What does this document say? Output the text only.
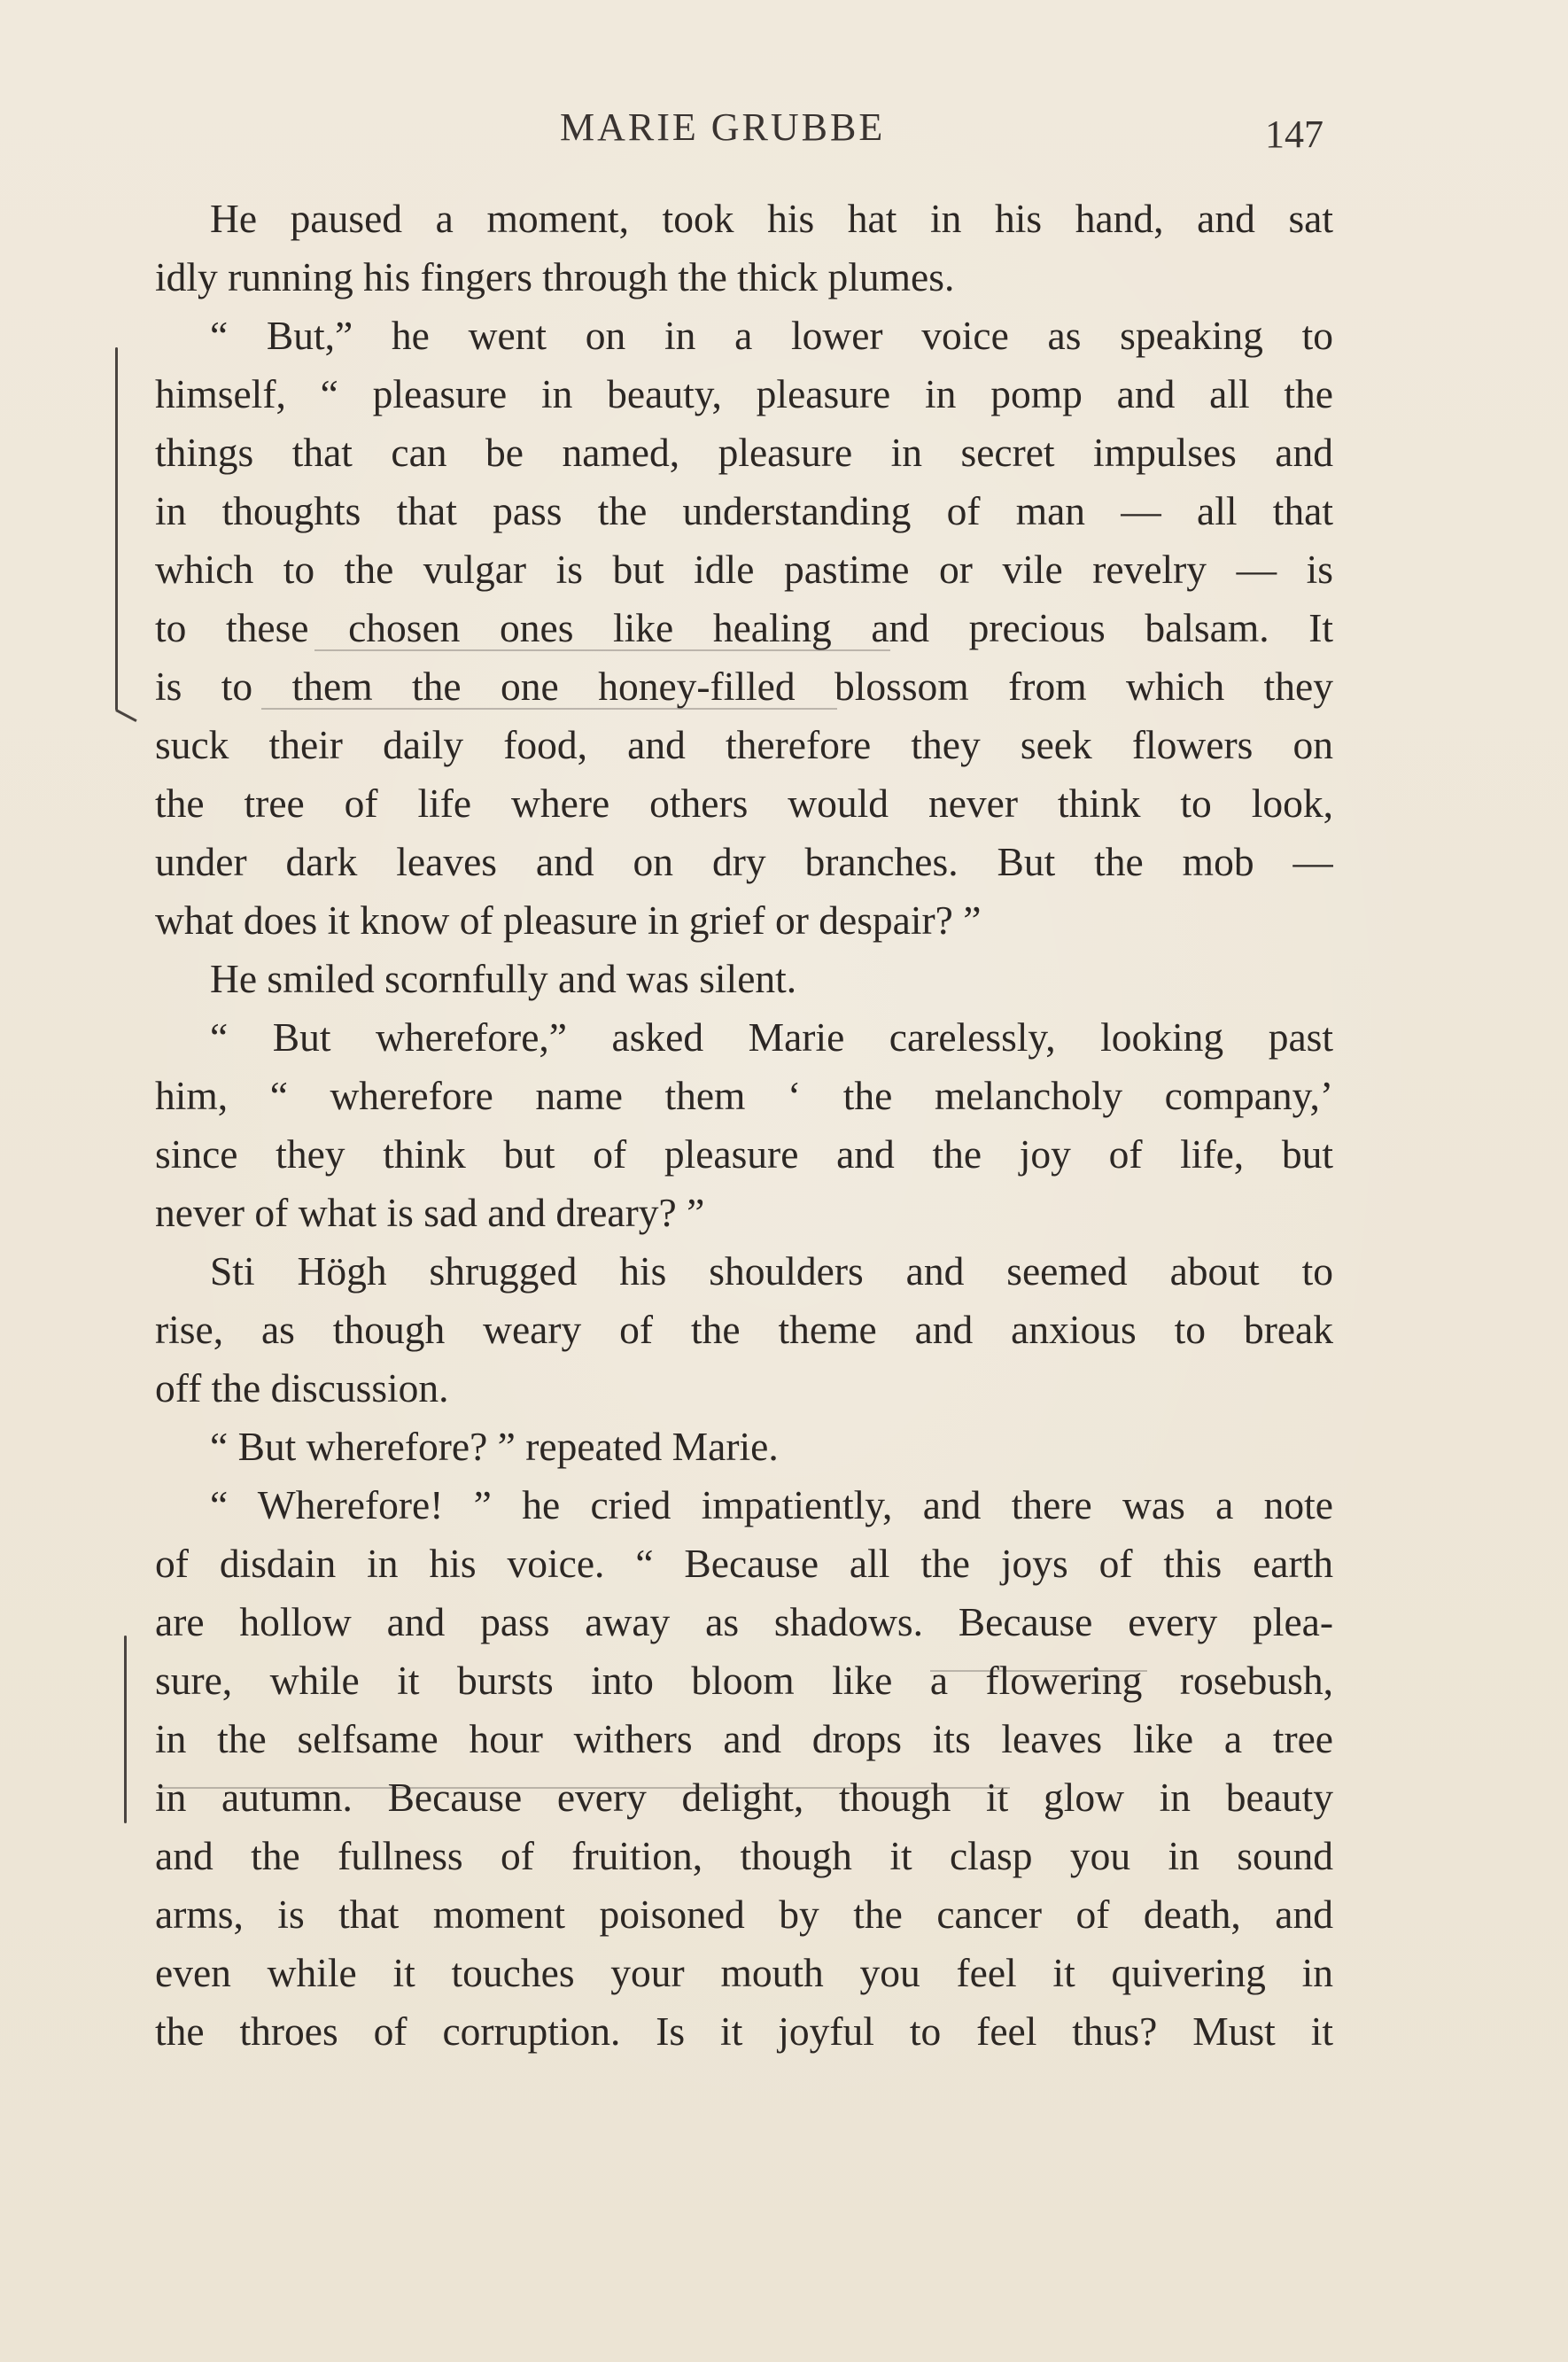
MARIE GRUBBE	147
He paused a moment, took his hat in his hand, and sat
idly running his fingers through the thick plumes.
“ But,” he went on in a lower voice as speaking to
himself, “ pleasure in beauty, pleasure in pomp and all the
things that can be named, pleasure in secret impulses and
in thoughts that pass the understanding of man — all that
which to the vulgar is but idle pastime or vile revelry — is
to these chosen ones like healing and precious balsam. It
is to them the one honey-filled blossom from which they
suck their daily food, and therefore they seek flowers on
the tree of life where others would never think to look,
under dark leaves and on dry branches. But the mob —
what does it know of pleasure in grief or despair? ”
He smiled scornfully and was silent.
“ But wherefore,” asked Marie carelessly, looking past
him, “ wherefore name them ‘ the melancholy company,’
since they think but of pleasure and the joy of life, but
never of what is sad and dreary? ”
Sti Högh shrugged his shoulders and seemed about to
rise, as though weary of the theme and anxious to break
off the discussion.
“ But wherefore? ” repeated Marie.
“ Wherefore! ” he cried impatiently, and there was a note
of disdain in his voice. “ Because all the joys of this earth
are hollow and pass away as shadows. Because every plea-
sure, while it bursts into bloom like a flowering rosebush,
in the selfsame hour withers and drops its leaves like a tree
in autumn. Because every delight, though it glow in beauty
and the fullness of fruition, though it clasp you in sound
arms, is that moment poisoned by the cancer of death, and
even while it touches your mouth you feel it quivering in
the throes of corruption. Is it joyful to feel thus? Must it
